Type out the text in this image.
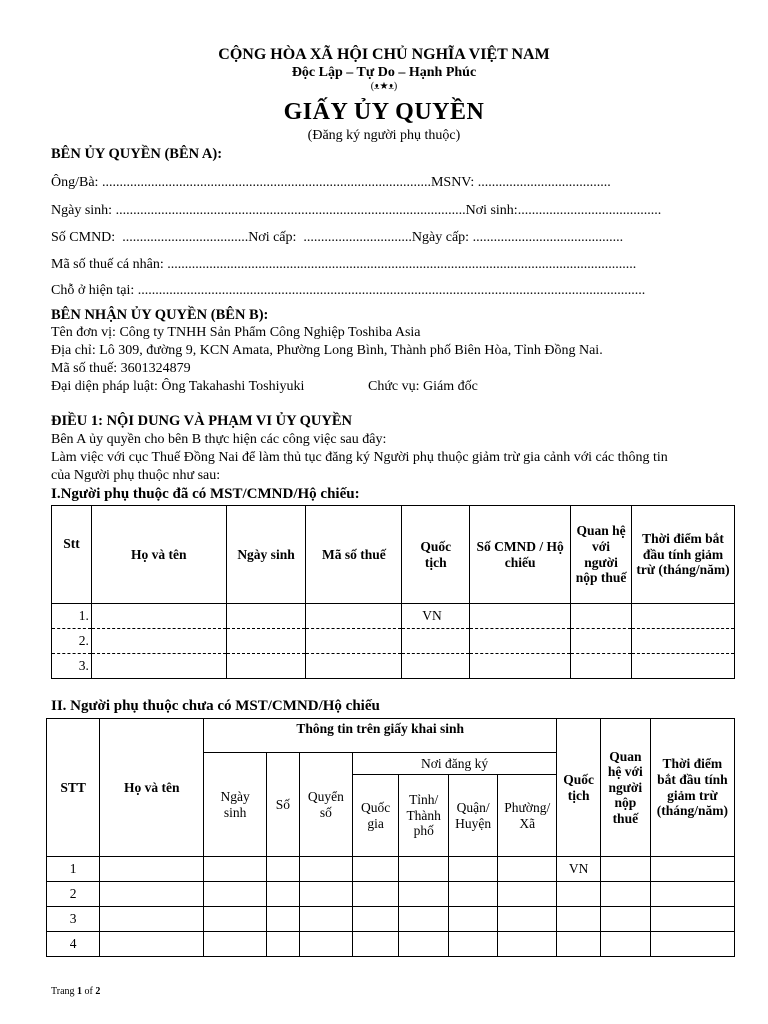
CỘNG HÒA XÃ HỘI CHỦ NGHĨA VIỆT NAM
Độc Lập – Tự Do – Hạnh Phúc
(ᴥ★ᴥ)
GIẤY ỦY QUYỀN
(Đăng ký người phụ thuộc)
BÊN ỦY QUYỀN (BÊN A):
Ông/Bà: ..............................................................................................MSNV: ......................................
Ngày sinh: ....................................................................................................Nơi sinh:.........................................
Số CMND: ....................................Nơi cấp: ...............................Ngày cấp: ...........................................
Mã số thuế cá nhân: ......................................................................................................................................
Chỗ ở hiện tại: .................................................................................................................................................
BÊN NHẬN ỦY QUYỀN (BÊN B):
Tên đơn vị: Công ty TNHH Sản Phẩm Công Nghiệp Toshiba Asia
Địa chỉ: Lô 309, đường 9, KCN Amata, Phường Long Bình, Thành phố Biên Hòa, Tỉnh Đồng Nai.
Mã số thuế: 3601324879
Đại diện pháp luật: Ông Takahashi Toshiyuki	Chức vụ: Giám đốc
ĐIỀU 1: NỘI DUNG VÀ PHẠM VI ỦY QUYỀN
Bên A ủy quyền cho bên B thực hiện các công việc sau đây:
Làm việc với cục Thuế Đồng Nai để làm thủ tục đăng ký Người phụ thuộc giảm trừ gia cảnh với các thông tin
của Người phụ thuộc như sau:
I.Người phụ thuộc đã có MST/CMND/Hộ chiếu:
Stt	Họ và tên	Ngày sinh	Mã số thuế	Quốc tịch	Số CMND / Hộ chiếu	Quan hệ với người nộp thuế	Thời điểm bắt đầu tính giảm trừ (tháng/năm)
1.				VN			
2.							
3.							
II. Người phụ thuộc chưa có MST/CMND/Hộ chiếu
STT	Họ và tên	Thông tin trên giấy khai sinh							Quốc tịch	Quan hệ với người nộp thuế	Thời điểm bắt đầu tính giảm trừ (tháng/năm)
		Ngày sinh	Số	Quyển số	Nơi đăng ký						
					Quốc gia	Tỉnh/ Thành phố	Quận/ Huyện	Phường/ Xã			
1									VN		
2											
3											
4											
Trang 1 of 2
